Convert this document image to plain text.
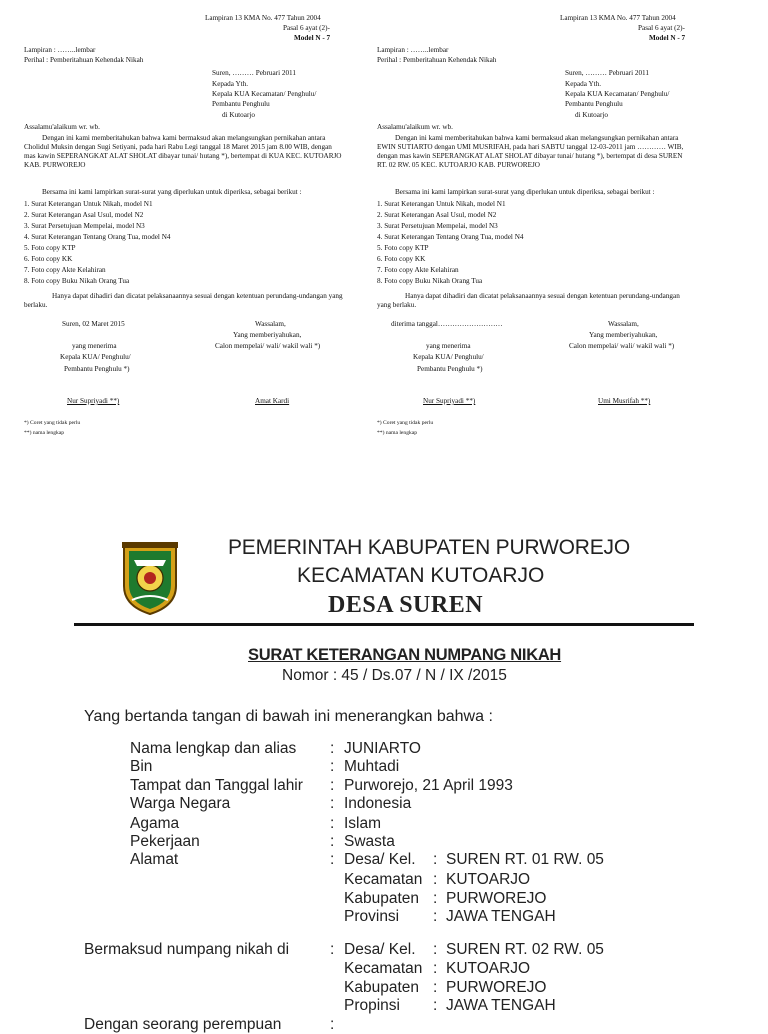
Lampiran 13 KMA No. 477 Tahun 2004
Pasal 6 ayat (2)-
Model N - 7
Lampiran : ……..lembar
Perihal : Pemberitahuan Kehendak Nikah
Suren, ……… Pebruari 2011
Kepada Yth.
Kepala KUA Kecamatan/ Penghulu/
Pembantu Penghulu
di Kutoarjo
Assalamu'alaikum wr. wb.
Dengan ini kami memberitahukan bahwa kami bermaksud akan melangsungkan pernikahan antara Cholidul Muksin dengan Sugi Setiyani, pada hari Rabu Legi tanggal 18 Maret 2015 jam 8.00 WIB, dengan mas kawin SEPERANGKAT ALAT SHOLAT dibayar tunai/ hutang *), bertempat di KUA KEC. KUTOARJO KAB. PURWOREJO
Bersama ini kami lampirkan surat-surat yang diperlukan untuk diperiksa, sebagai berikut :
1. Surat Keterangan Untuk Nikah, model N1
2. Surat Keterangan Asal Usul, model N2
3. Surat Persetujuan Mempelai, model N3
4. Surat Keterangan Tentang Orang Tua, model N4
5. Foto copy KTP
6. Foto copy KK
7. Foto copy Akte Kelahiran
8. Foto copy Buku Nikah Orang Tua
Hanya dapat dihadiri dan dicatat pelaksanaannya sesuai dengan ketentuan perundang-undangan yang berlaku.
Suren, 02 Maret 2015
yang menerima
Kepala KUA/ Penghulu/
Pembantu Penghulu *)
Wassalam,
Yang memberiyahukan,
Calon mempelai/ wali/ wakil wali *)
Nur Supriyadi **)	Amat Kardi
*) Coret yang tidak perlu
**) nama lengkap
Lampiran 13 KMA No. 477 Tahun 2004
Pasal 6 ayat (2)-
Model N - 7
Lampiran : ……..lembar
Perihal : Pemberitahuan Kehendak Nikah
Suren, ……… Pebruari 2011
Kepada Yth.
Kepala KUA Kecamatan/ Penghulu/
Pembantu Penghulu
di Kutoarjo
Assalamu'alaikum wr. wb.
Dengan ini kami memberitahukan bahwa kami bermaksud akan melangsungkan pernikahan antara EWIN SUTIARTO dengan UMI MUSRIFAH, pada hari SABTU tanggal 12-03-2011 jam ………… WIB, dengan mas kawin SEPERANGKAT ALAT SHOLAT dibayar tunai/ hutang *), bertempat di desa SUREN RT. 02 RW. 05 KEC. KUTOARJO KAB. PURWOREJO
Bersama ini kami lampirkan surat-surat yang diperlukan untuk diperiksa, sebagai berikut :
1. Surat Keterangan Untuk Nikah, model N1
2. Surat Keterangan Asal Usul, model N2
3. Surat Persetujuan Mempelai, model N3
4. Surat Keterangan Tentang Orang Tua, model N4
5. Foto copy KTP
6. Foto copy KK
7. Foto copy Akte Kelahiran
8. Foto copy Buku Nikah Orang Tua
Hanya dapat dihadiri dan dicatat pelaksanaannya sesuai dengan ketentuan perundang-undangan yang berlaku.
diterima tanggal………………………
yang menerima
Kepala KUA/ Penghulu/
Pembantu Penghulu *)
Wassalam,
Yang memberiyahukan,
Calon mempelai/ wali/ wakil wali *)
Nur Supriyadi **)	Umi Musrifah **)
*) Coret yang tidak perlu
**) nama lengkap
PEMERINTAH KABUPATEN PURWOREJO
KECAMATAN KUTOARJO
DESA SUREN
SURAT KETERANGAN NUMPANG NIKAH
Nomor : 45 / Ds.07 / N / IX /2015
Yang bertanda tangan di bawah ini menerangkan bahwa :
Nama lengkap dan alias : JUNIARTO
Bin	: Muhtadi
Tampat dan Tanggal lahir : Purworejo, 21 April 1993
Warga Negara	: Indonesia
Agama	: Islam
Pekerjaan	: Swasta
Alamat	: Desa/ Kel. : SUREN RT. 01 RW. 05
Kecamatan : KUTOARJO
Kabupaten : PURWOREJO
Provinsi : JAWA TENGAH
Bermaksud numpang nikah di	: Desa/ Kel. : SUREN RT. 02 RW. 05
Kecamatan : KUTOARJO
Kabupaten : PURWOREJO
Propinsi : JAWA TENGAH
Dengan seorang perempuan	:
